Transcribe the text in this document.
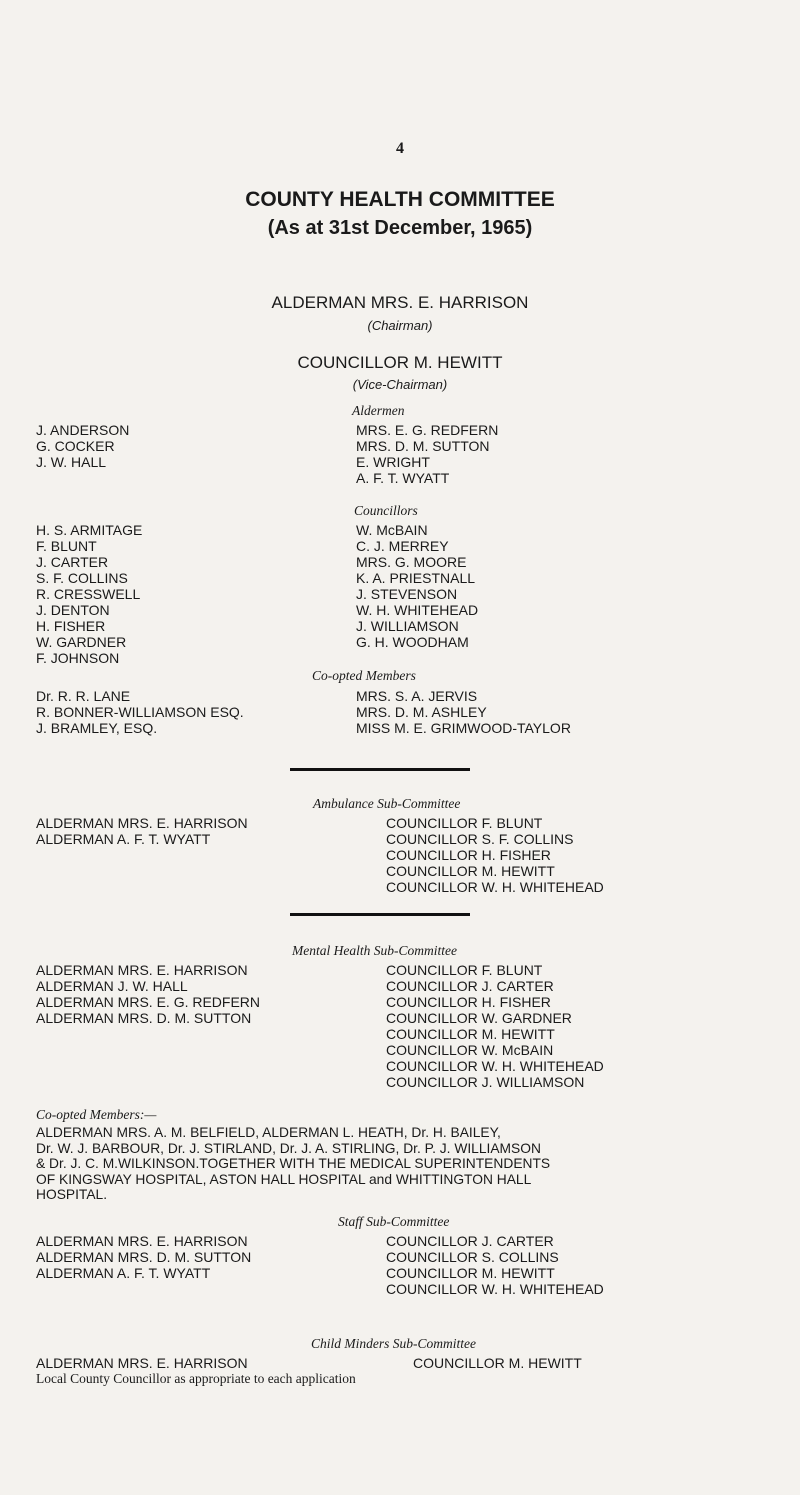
4
COUNTY HEALTH COMMITTEE
(As at 31st December, 1965)
ALDERMAN MRS. E. HARRISON
(Chairman)
COUNCILLOR M. HEWITT
(Vice-Chairman)
Aldermen
J. ANDERSON
G. COCKER
J. W. HALL
MRS. E. G. REDFERN
MRS. D. M. SUTTON
E. WRIGHT
A. F. T. WYATT
Councillors
H. S. ARMITAGE
F. BLUNT
J. CARTER
S. F. COLLINS
R. CRESSWELL
J. DENTON
H. FISHER
W. GARDNER
F. JOHNSON
W. McBAIN
C. J. MERREY
MRS. G. MOORE
K. A. PRIESTNALL
J. STEVENSON
W. H. WHITEHEAD
J. WILLIAMSON
G. H. WOODHAM
Co-opted Members
Dr. R. R. LANE
R. BONNER-WILLIAMSON ESQ.
J. BRAMLEY, ESQ.
MRS. S. A. JERVIS
MRS. D. M. ASHLEY
MISS M. E. GRIMWOOD-TAYLOR
Ambulance Sub-Committee
ALDERMAN MRS. E. HARRISON
ALDERMAN A. F. T. WYATT
COUNCILLOR F. BLUNT
COUNCILLOR S. F. COLLINS
COUNCILLOR H. FISHER
COUNCILLOR M. HEWITT
COUNCILLOR W. H. WHITEHEAD
Mental Health Sub-Committee
ALDERMAN MRS. E. HARRISON
ALDERMAN J. W. HALL
ALDERMAN MRS. E. G. REDFERN
ALDERMAN MRS. D. M. SUTTON
COUNCILLOR F. BLUNT
COUNCILLOR J. CARTER
COUNCILLOR H. FISHER
COUNCILLOR W. GARDNER
COUNCILLOR M. HEWITT
COUNCILLOR W. McBAIN
COUNCILLOR W. H. WHITEHEAD
COUNCILLOR J. WILLIAMSON
Co-opted Members:—
ALDERMAN MRS. A. M. BELFIELD, ALDERMAN L. HEATH, Dr. H. BAILEY,
Dr. W. J. BARBOUR, Dr. J. STIRLAND, Dr. J. A. STIRLING, Dr. P. J. WILLIAMSON
& Dr. J. C. M.WILKINSON.TOGETHER WITH THE MEDICAL SUPERINTENDENTS
OF KINGSWAY HOSPITAL, ASTON HALL HOSPITAL and WHITTINGTON HALL
HOSPITAL.
Staff Sub-Committee
ALDERMAN MRS. E. HARRISON
ALDERMAN MRS. D. M. SUTTON
ALDERMAN A. F. T. WYATT
COUNCILLOR J. CARTER
COUNCILLOR S. COLLINS
COUNCILLOR M. HEWITT
COUNCILLOR W. H. WHITEHEAD
Child Minders Sub-Committee
ALDERMAN MRS. E. HARRISON	COUNCILLOR M. HEWITT
Local County Councillor as appropriate to each application
